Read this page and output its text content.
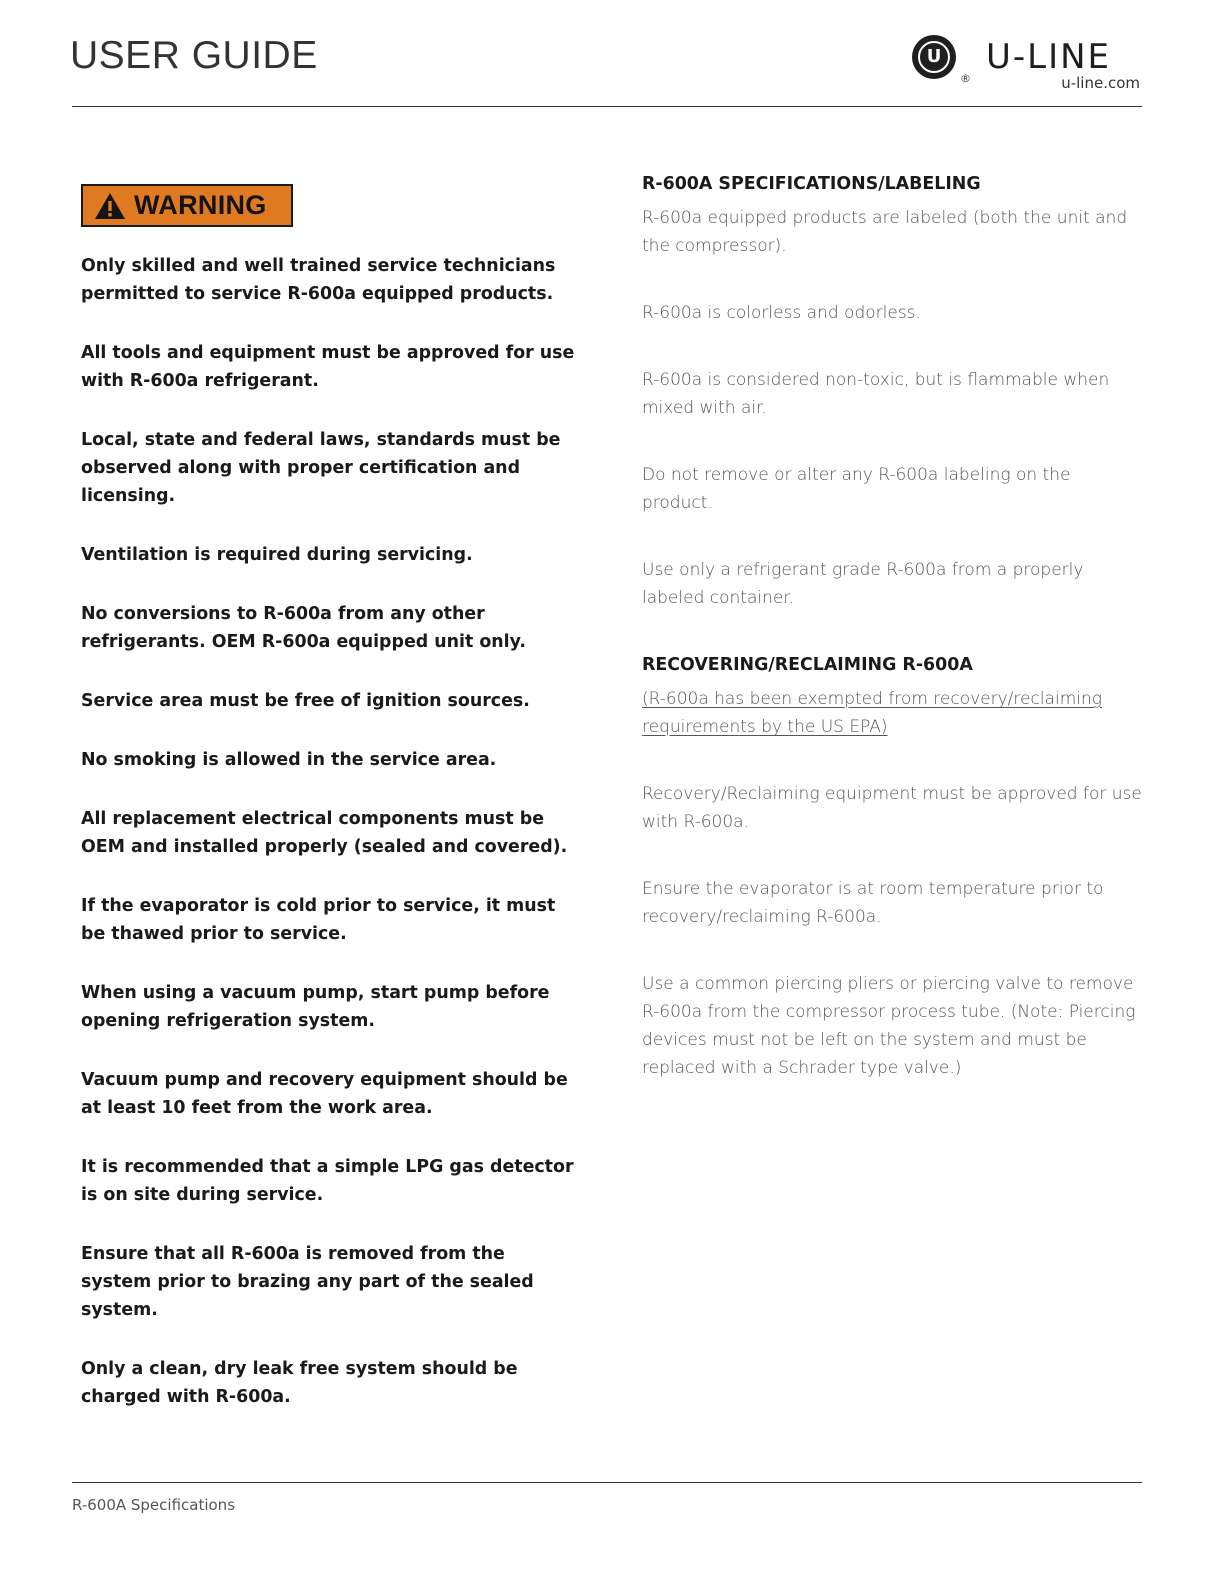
USER GUIDE	U
®
U-LINE
u-line.com
WARNING

Only skilled and well trained service technicians permitted to service R-600a equipped products.

All tools and equipment must be approved for use with R-600a refrigerant.

Local, state and federal laws, standards must be observed along with proper certification and licensing.

Ventilation is required during servicing.

No conversions to R-600a from any other refrigerants. OEM R-600a equipped unit only.

Service area must be free of ignition sources.

No smoking is allowed in the service area.

All replacement electrical components must be OEM and installed properly (sealed and covered).

If the evaporator is cold prior to service, it must be thawed prior to service.

When using a vacuum pump, start pump before opening refrigeration system.

Vacuum pump and recovery equipment should be at least 10 feet from the work area.

It is recommended that a simple LPG gas detector is on site during service.

Ensure that all R-600a is removed from the system prior to brazing any part of the sealed system.

Only a clean, dry leak free system should be charged with R-600a.

R-600A SPECIFICATIONS/LABELING

R-600a equipped products are labeled (both the unit and the compressor).

R-600a is colorless and odorless.

R-600a is considered non-toxic, but is flammable when mixed with air.

Do not remove or alter any R-600a labeling on the product.

Use only a refrigerant grade R-600a from a properly labeled container.

RECOVERING/RECLAIMING R-600A

(R-600a has been exempted from recovery/reclaiming requirements by the US EPA)

Recovery/Reclaiming equipment must be approved for use with R-600a.

Ensure the evaporator is at room temperature prior to recovery/reclaiming R-600a.

Use a common piercing pliers or piercing valve to remove R-600a from the compressor process tube. (Note: Piercing devices must not be left on the system and must be replaced with a Schrader type valve.)

R-600A Specifications
